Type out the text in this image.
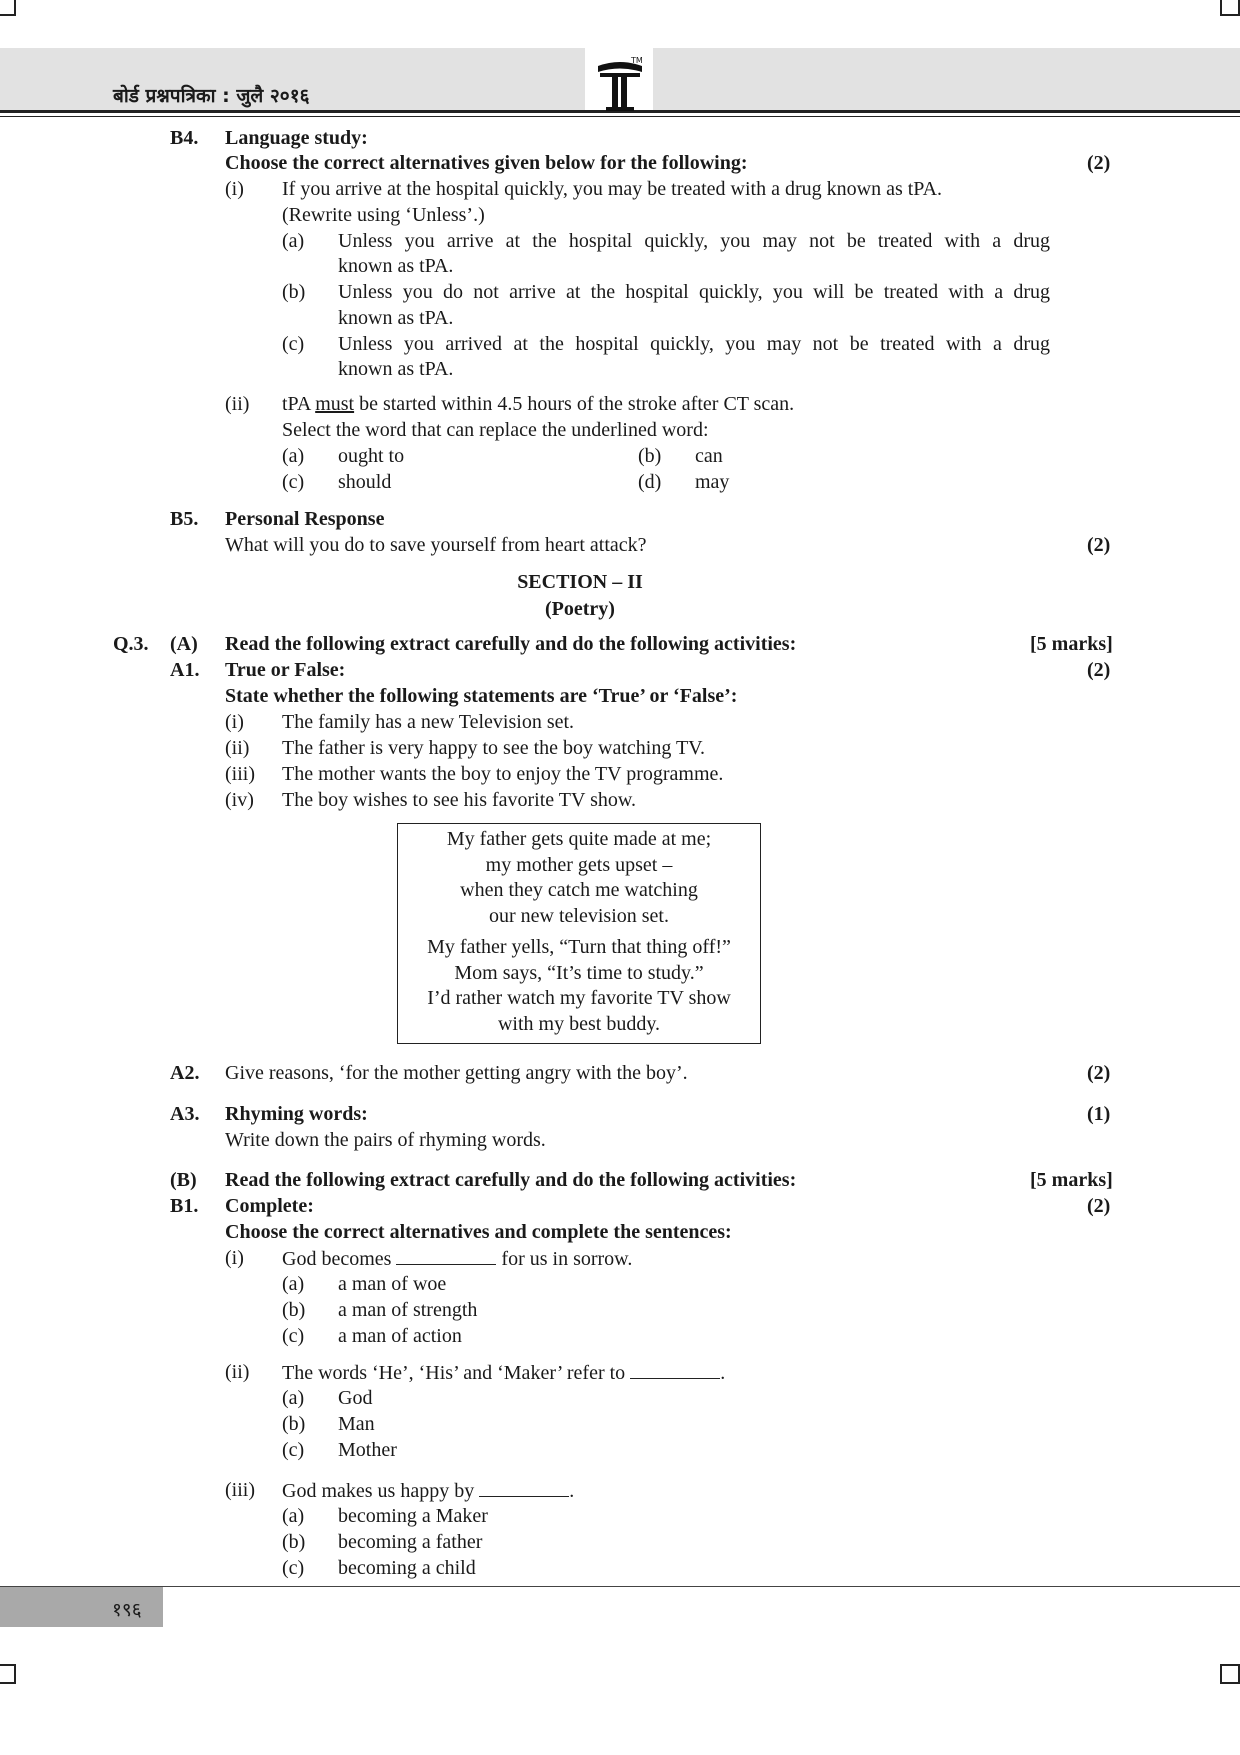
बोर्ड प्रश्नपत्रिका : जुलै २०१६
TM
B4. Language study:
Choose the correct alternatives given below for the following:	(2)
(i) If you arrive at the hospital quickly, you may be treated with a drug known as tPA.
(Rewrite using ‘Unless’.)
(a) Unless you arrive at the hospital quickly, you may not be treated with a drug
known as tPA.
(b) Unless you do not arrive at the hospital quickly, you will be treated with a drug
known as tPA.
(c) Unless you arrived at the hospital quickly, you may not be treated with a drug
known as tPA.
(ii) tPA must be started within 4.5 hours of the stroke after CT scan.
Select the word that can replace the underlined word:
(a) ought to	(b) can
(c) should	(d) may
B5. Personal Response
What will you do to save yourself from heart attack?	(2)
SECTION – II
(Poetry)
Q.3. (A) Read the following extract carefully and do the following activities:	[5 marks]
A1. True or False:	(2)
State whether the following statements are ‘True’ or ‘False’:
(i) The family has a new Television set.
(ii) The father is very happy to see the boy watching TV.
(iii) The mother wants the boy to enjoy the TV programme.
(iv) The boy wishes to see his favorite TV show.
My father gets quite made at me;
my mother gets upset –
when they catch me watching
our new television set.
My father yells, “Turn that thing off!”
Mom says, “It’s time to study.”
I’d rather watch my favorite TV show
with my best buddy.
A2. Give reasons, ‘for the mother getting angry with the boy’.	(2)
A3. Rhyming words:	(1)
Write down the pairs of rhyming words.
(B) Read the following extract carefully and do the following activities:	[5 marks]
B1. Complete:	(2)
Choose the correct alternatives and complete the sentences:
(i) God becomes	for us in sorrow.
(a) a man of woe
(b) a man of strength
(c) a man of action
(ii) The words ‘He’, ‘His’ and ‘Maker’ refer to	.
(a) God
(b) Man
(c) Mother
(iii) God makes us happy by	.
(a) becoming a Maker
(b) becoming a father
(c) becoming a child
१९६
